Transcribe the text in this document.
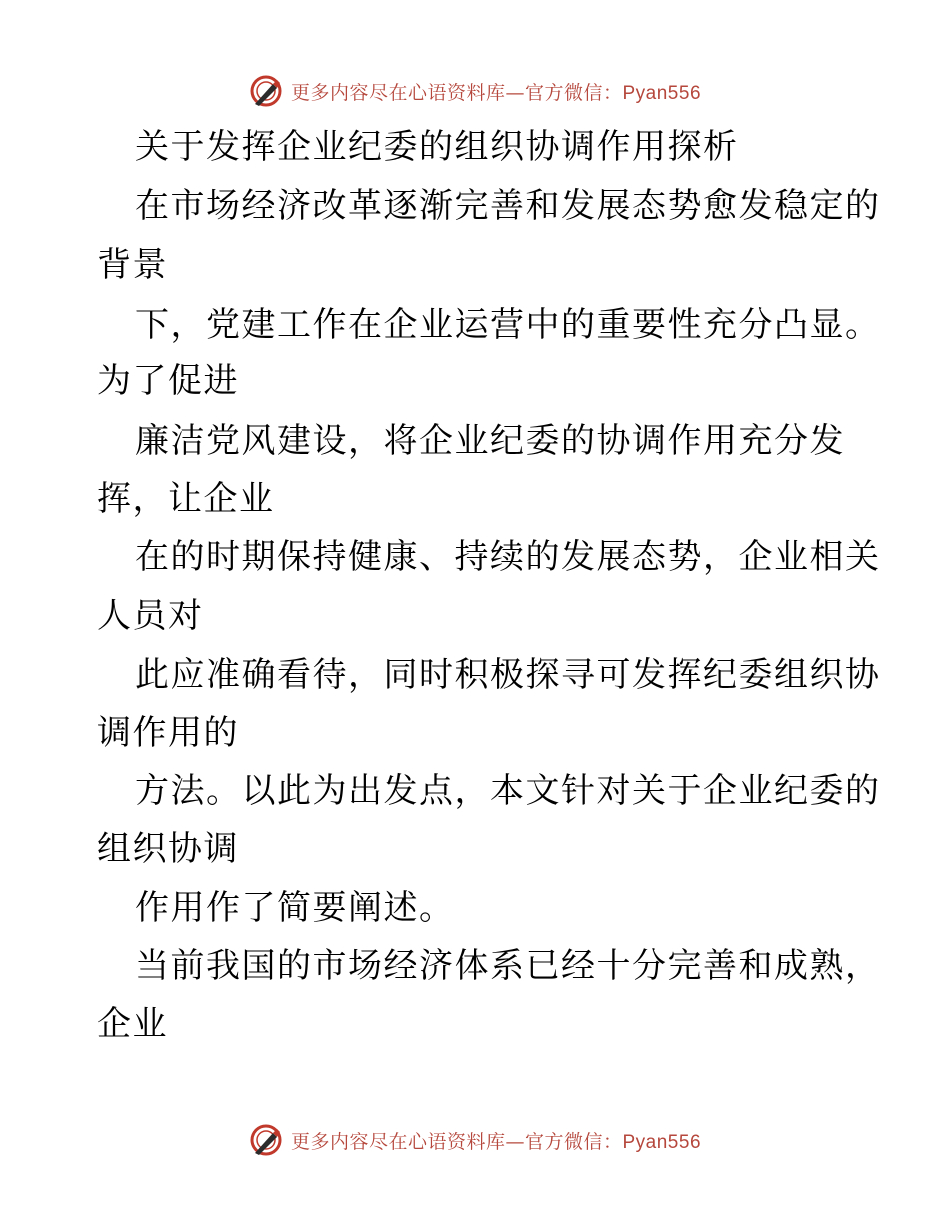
更多内容尽在心语资料库—官方微信：Pyan556
关于发挥企业纪委的组织协调作用探析
在市场经济改革逐渐完善和发展态势愈发稳定的
背景
下，党建工作在企业运营中的重要性充分凸显。
为了促进
廉洁党风建设，将企业纪委的协调作用充分发
挥，让企业
在的时期保持健康、持续的发展态势，企业相关
人员对
此应准确看待，同时积极探寻可发挥纪委组织协
调作用的
方法。以此为出发点，本文针对关于企业纪委的
组织协调
作用作了简要阐述。
当前我国的市场经济体系已经十分完善和成熟，
企业
更多内容尽在心语资料库—官方微信：Pyan556
